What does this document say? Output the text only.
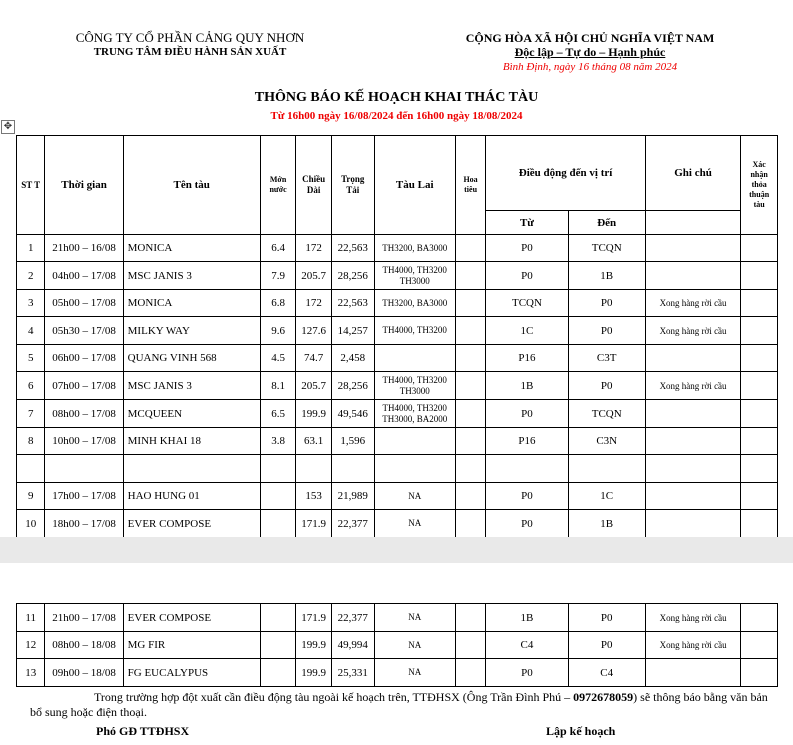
CÔNG TY CỔ PHẦN CẢNG QUY NHƠN
TRUNG TÂM ĐIỀU HÀNH SẢN XUẤT
CỘNG HÒA XÃ HỘI CHỦ NGHĨA VIỆT NAM
Độc lập – Tự do – Hạnh phúc
Bình Định, ngày 16 tháng 08 năm 2024
THÔNG BÁO KẾ HOẠCH KHAI THÁC TÀU
Từ 16h00 ngày 16/08/2024 đến 16h00 ngày 18/08/2024
✥
ST T	Thời gian	Tên tàu	Mớn nước	Chiều Dài	Trọng Tải	Tàu Lai	Hoa tiêu	Điều động đến vị trí		Ghi chú	Xác nhận thỏa thuận tàu
								Từ	Đến		
1	21h00 – 16/08	MONICA	6.4	172	22,563	TH3200, BA3000		P0	TCQN		
2	04h00 – 17/08	MSC JANIS 3	7.9	205.7	28,256	TH4000, TH3200 TH3000		P0	1B		
3	05h00 – 17/08	MONICA	6.8	172	22,563	TH3200, BA3000		TCQN	P0	Xong hàng rời cầu	
4	05h30 – 17/08	MILKY WAY	9.6	127.6	14,257	TH4000, TH3200		1C	P0	Xong hàng rời cầu	
5	06h00 – 17/08	QUANG VINH 568	4.5	74.7	2,458			P16	C3T		
6	07h00 – 17/08	MSC JANIS 3	8.1	205.7	28,256	TH4000, TH3200 TH3000		1B	P0	Xong hàng rời cầu	
7	08h00 – 17/08	MCQUEEN	6.5	199.9	49,546	TH4000, TH3200 TH3000, BA2000		P0	TCQN		
8	10h00 – 17/08	MINH KHAI 18	3.8	63.1	1,596			P16	C3N		

9	17h00 – 17/08	HAO HUNG 01		153	21,989	NA		P0	1C		
10	18h00 – 17/08	EVER COMPOSE		171.9	22,377	NA		P0	1B		
11	21h00 – 17/08	EVER COMPOSE		171.9	22,377	NA		1B	P0	Xong hàng rời cầu	
12	08h00 – 18/08	MG FIR		199.9	49,994	NA		C4	P0	Xong hàng rời cầu	
13	09h00 – 18/08	FG EUCALYPUS		199.9	25,331	NA		P0	C4		
Trong trường hợp đột xuất cần điều động tàu ngoài kế hoạch trên, TTĐHSX (Ông Trần Đình Phú – 0972678059) sẽ thông báo bằng văn bản bổ sung hoặc điện thoại.
Phó GĐ TTĐHSX	Lập kế hoạch
